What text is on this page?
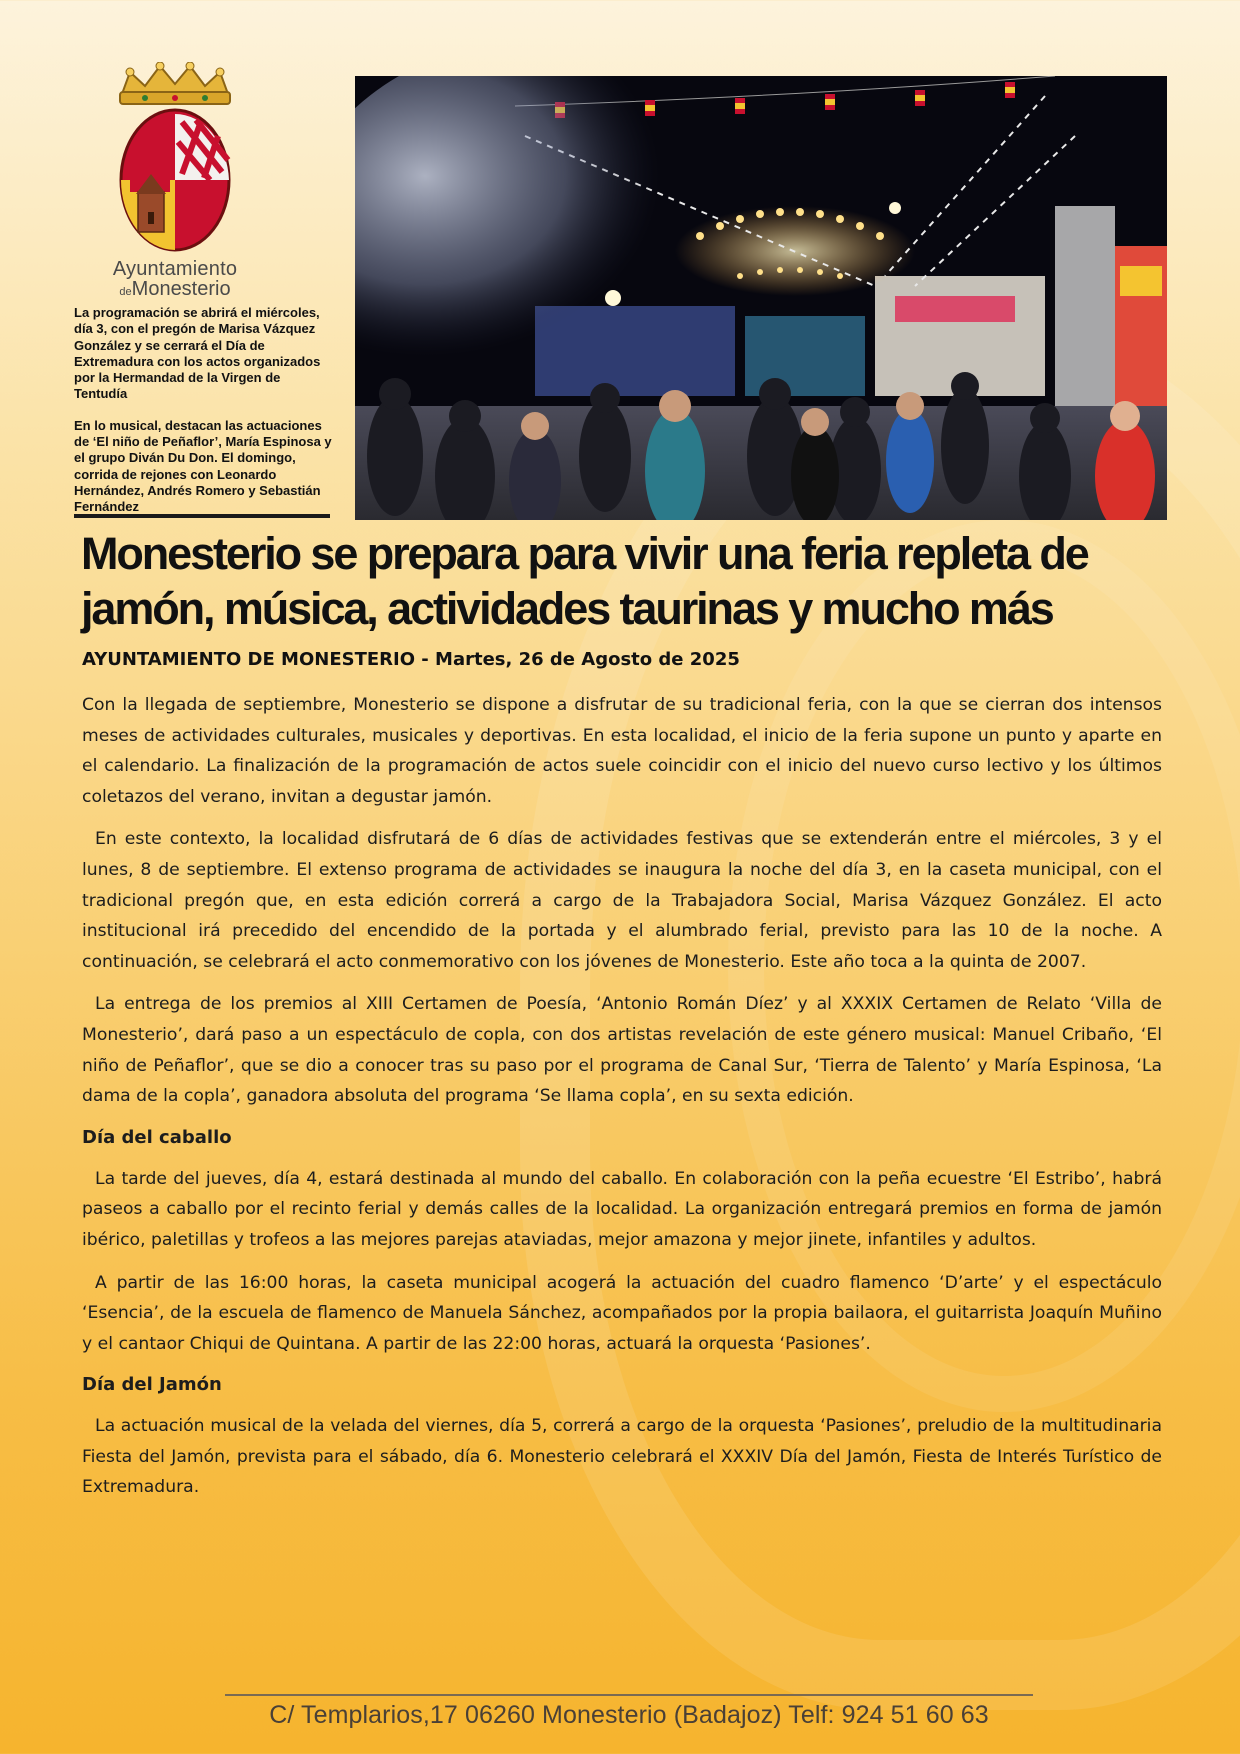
Ayuntamiento
deMonesterio

La programación se abrirá el miércoles, día 3, con el pregón de Marisa Vázquez González y se cerrará el Día de Extremadura con los actos organizados por la Hermandad de la Virgen de Tentudía

En lo musical, destacan las actuaciones de ‘El niño de Peñaflor’, María Espinosa y el grupo Diván Du Don. El domingo, corrida de rejones con Leonardo Hernández, Andrés Romero y Sebastián Fernández

Monesterio se prepara para vivir una feria repleta de jamón, música, actividades taurinas y mucho más

AYUNTAMIENTO DE MONESTERIO - Martes, 26 de Agosto de 2025

Con la llegada de septiembre, Monesterio se dispone a disfrutar de su tradicional feria, con la que se cierran dos intensos meses de actividades culturales, musicales y deportivas. En esta localidad, el inicio de la feria supone un punto y aparte en el calendario. La finalización de la programación de actos suele coincidir con el inicio del nuevo curso lectivo y los últimos coletazos del verano, invitan a degustar jamón.

En este contexto, la localidad disfrutará de 6 días de actividades festivas que se extenderán entre el miércoles, 3 y el lunes, 8 de septiembre. El extenso programa de actividades se inaugura la noche del día 3, en la caseta municipal, con el tradicional pregón que, en esta edición correrá a cargo de la Trabajadora Social, Marisa Vázquez González. El acto institucional irá precedido del encendido de la portada y el alumbrado ferial, previsto para las 10 de la noche. A continuación, se celebrará el acto conmemorativo con los jóvenes de Monesterio. Este año toca a la quinta de 2007.

La entrega de los premios al XIII Certamen de Poesía, ‘Antonio Román Díez’ y al XXXIX Certamen de Relato ‘Villa de Monesterio’, dará paso a un espectáculo de copla, con dos artistas revelación de este género musical: Manuel Cribaño, ‘El niño de Peñaflor’, que se dio a conocer tras su paso por el programa de Canal Sur, ‘Tierra de Talento’ y María Espinosa, ‘La dama de la copla’, ganadora absoluta del programa ‘Se llama copla’, en su sexta edición.

Día del caballo

La tarde del jueves, día 4, estará destinada al mundo del caballo. En colaboración con la peña ecuestre ‘El Estribo’, habrá paseos a caballo por el recinto ferial y demás calles de la localidad. La organización entregará premios en forma de jamón ibérico, paletillas y trofeos a las mejores parejas ataviadas, mejor amazona y mejor jinete, infantiles y adultos.

A partir de las 16:00 horas, la caseta municipal acogerá la actuación del cuadro flamenco ‘D’arte’ y el espectáculo ‘Esencia’, de la escuela de flamenco de Manuela Sánchez, acompañados por la propia bailaora, el guitarrista Joaquín Muñino y el cantaor Chiqui de Quintana. A partir de las 22:00 horas, actuará la orquesta ‘Pasiones’.

Día del Jamón

La actuación musical de la velada del viernes, día 5, correrá a cargo de la orquesta ‘Pasiones’, preludio de la multitudinaria Fiesta del Jamón, prevista para el sábado, día 6. Monesterio celebrará el XXXIV Día del Jamón, Fiesta de Interés Turístico de Extremadura.

C/ Templarios,17 06260 Monesterio (Badajoz) Telf: 924 51 60 63
